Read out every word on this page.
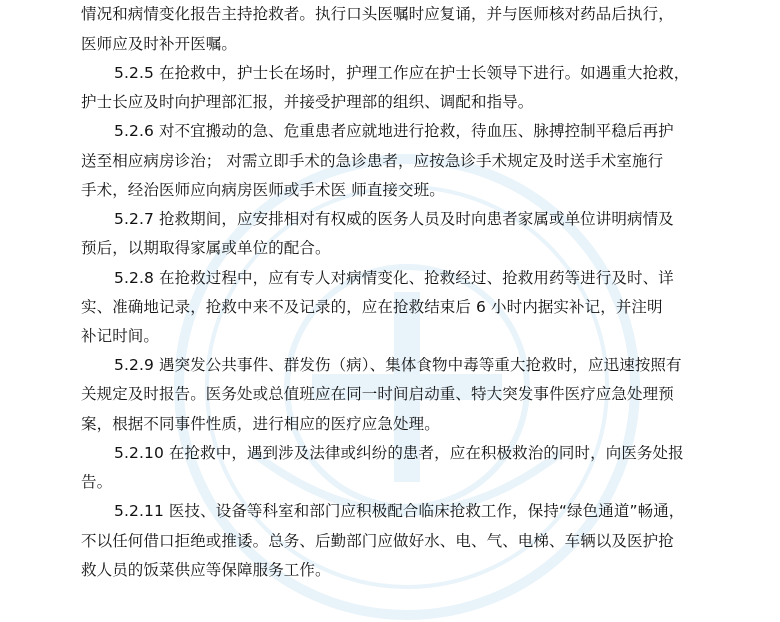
情况和病情变化报告主持抢救者。执行口头医嘱时应复诵，并与医师核对药品后执行，
医师应及时补开医嘱。
5.2.5 在抢救中，护士长在场时，护理工作应在护士长领导下进行。如遇重大抢救，
护士长应及时向护理部汇报，并接受护理部的组织、调配和指导。
5.2.6 对不宜搬动的急、危重患者应就地进行抢救，待血压、脉搏控制平稳后再护
送至相应病房诊治； 对需立即手术的急诊患者，应按急诊手术规定及时送手术室施行
手术，经治医师应向病房医师或手术医 师直接交班。
5.2.7 抢救期间，应安排相对有权威的医务人员及时向患者家属或单位讲明病情及
预后，以期取得家属或单位的配合。
5.2.8 在抢救过程中，应有专人对病情变化、抢救经过、抢救用药等进行及时、详
实、准确地记录，抢救中来不及记录的，应在抢救结束后 6 小时内据实补记，并注明
补记时间。
5.2.9 遇突发公共事件、群发伤（病）、集体食物中毒等重大抢救时，应迅速按照有
关规定及时报告。医务处或总值班应在同一时间启动重、特大突发事件医疗应急处理预
案，根据不同事件性质，进行相应的医疗应急处理。
5.2.10 在抢救中，遇到涉及法律或纠纷的患者，应在积极救治的同时，向医务处报
告。
5.2.11 医技、设备等科室和部门应积极配合临床抢救工作，保持“绿色通道”畅通，
不以任何借口拒绝或推诿。总务、后勤部门应做好水、电、气、电梯、车辆以及医护抢
救人员的饭菜供应等保障服务工作。
